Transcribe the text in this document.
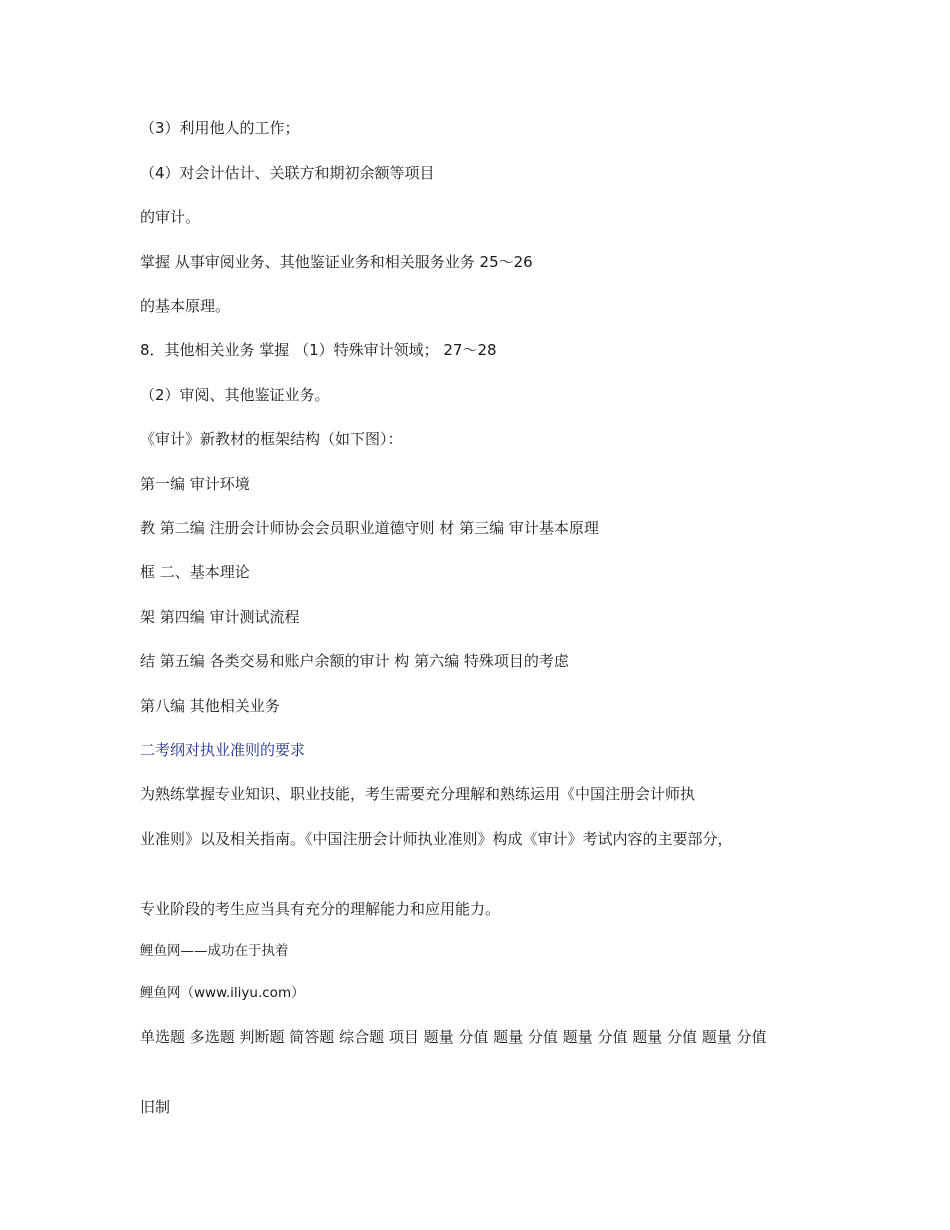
（3）利用他人的工作；
（4）对会计估计、关联方和期初余额等项目
的审计。
掌握 从事审阅业务、其他鉴证业务和相关服务业务 25～26
的基本原理。
8．其他相关业务 掌握 （1）特殊审计领域； 27～28
（2）审阅、其他鉴证业务。
《审计》新教材的框架结构（如下图）：
第一编 审计环境
教 第二编 注册会计师协会会员职业道德守则 材 第三编 审计基本原理
框 二、基本理论
架 第四编 审计测试流程
结 第五编 各类交易和账户余额的审计 构 第六编 特殊项目的考虑
第八编 其他相关业务
二考纲对执业准则的要求
为熟练掌握专业知识、职业技能，考生需要充分理解和熟练运用《中国注册会计师执
业准则》以及相关指南。《中国注册会计师执业准则》构成《审计》考试内容的主要部分，
专业阶段的考生应当具有充分的理解能力和应用能力。
鲤鱼网——成功在于执着
鲤鱼网（www.iliyu.com）
单选题 多选题 判断题 简答题 综合题 项目 题量 分值 题量 分值 题量 分值 题量 分值 题量 分值
旧制
